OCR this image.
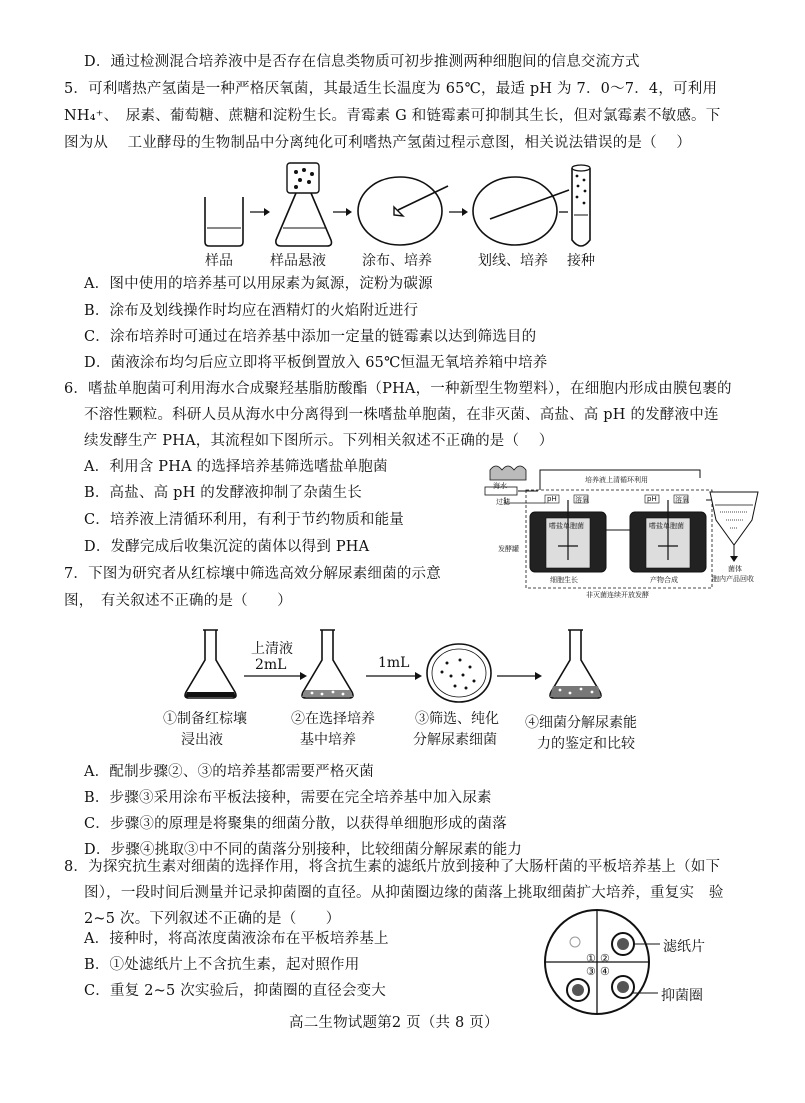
D．通过检测混合培养液中是否存在信息类物质可初步推测两种细胞间的信息交流方式
5．可利嗜热产氢菌是一种严格厌氧菌，其最适生长温度为 65℃，最适 pH 为 7．0～7．4，可利用
NH₄⁺、　尿素、葡萄糖、蔗糖和淀粉生长。青霉素 G 和链霉素可抑制其生长，但对氯霉素不敏感。下
图为从　 工业酵母的生物制品中分离纯化可利嗜热产氢菌过程示意图，相关说法错误的是（　 ）
样品	样品悬液	涂布、培养	划线、培养 接种
A．图中使用的培养基可以用尿素为氮源，淀粉为碳源
B．涂布及划线操作时均应在酒精灯的火焰附近进行
C．涂布培养时可通过在培养基中添加一定量的链霉素以达到筛选目的
D．菌液涂布均匀后应立即将平板倒置放入 65℃恒温无氧培养箱中培养
6．嗜盐单胞菌可利用海水合成聚羟基脂肪酸酯（PHA，一种新型生物塑料），在细胞内形成由膜包裹的
不溶性颗粒。科研人员从海水中分离得到一株嗜盐单胞菌，在非灭菌、高盐、高 pH 的发酵液中连
续发酵生产 PHA，其流程如下图所示。下列相关叙述不正确的是（　 ）
A．利用含 PHA 的选择培养基筛选嗜盐单胞菌
B．高盐、高 pH 的发酵液抑制了杂菌生长
C．培养液上清循环利用，有利于节约物质和能量
D．发酵完成后收集沉淀的菌体以得到 PHA
培养液上清循环利用
海水
过滤	pH	溶氧	pH	溶氧
嗜盐单胞菌	嗜盐单胞菌
发酵罐
细胞生长	产物合成
非灭菌连续开放发酵
菌体
胞内产品回收
7．下图为研究者从红棕壤中筛选高效分解尿素细菌的示意
图，　有关叙述不正确的是（　　）
上清液
2mL	1mL
①制备红棕壤
浸出液
②在选择培养
基中培养
③筛选、纯化
分解尿素细菌
④细菌分解尿素能
力的鉴定和比较
A．配制步骤②、③的培养基都需要严格灭菌
B．步骤③采用涂布平板法接种，需要在完全培养基中加入尿素
C．步骤③的原理是将聚集的细菌分散，以获得单细胞形成的菌落
D．步骤④挑取③中不同的菌落分别接种，比较细菌分解尿素的能力
8．为探究抗生素对细菌的选择作用，将含抗生素的滤纸片放到接种了大肠杆菌的平板培养基上（如下
图），一段时间后测量并记录抑菌圈的直径。从抑菌圈边缘的菌落上挑取细菌扩大培养，重复实　验
2~5 次。下列叙述不正确的是（　　）
A．接种时，将高浓度菌液涂布在平板培养基上
B．①处滤纸片上不含抗生素，起对照作用
C．重复 2~5 次实验后，抑菌圈的直径会变大
① ②
③ ④
滤纸片
抑菌圈
高二生物试题第2 页（共 8 页）
